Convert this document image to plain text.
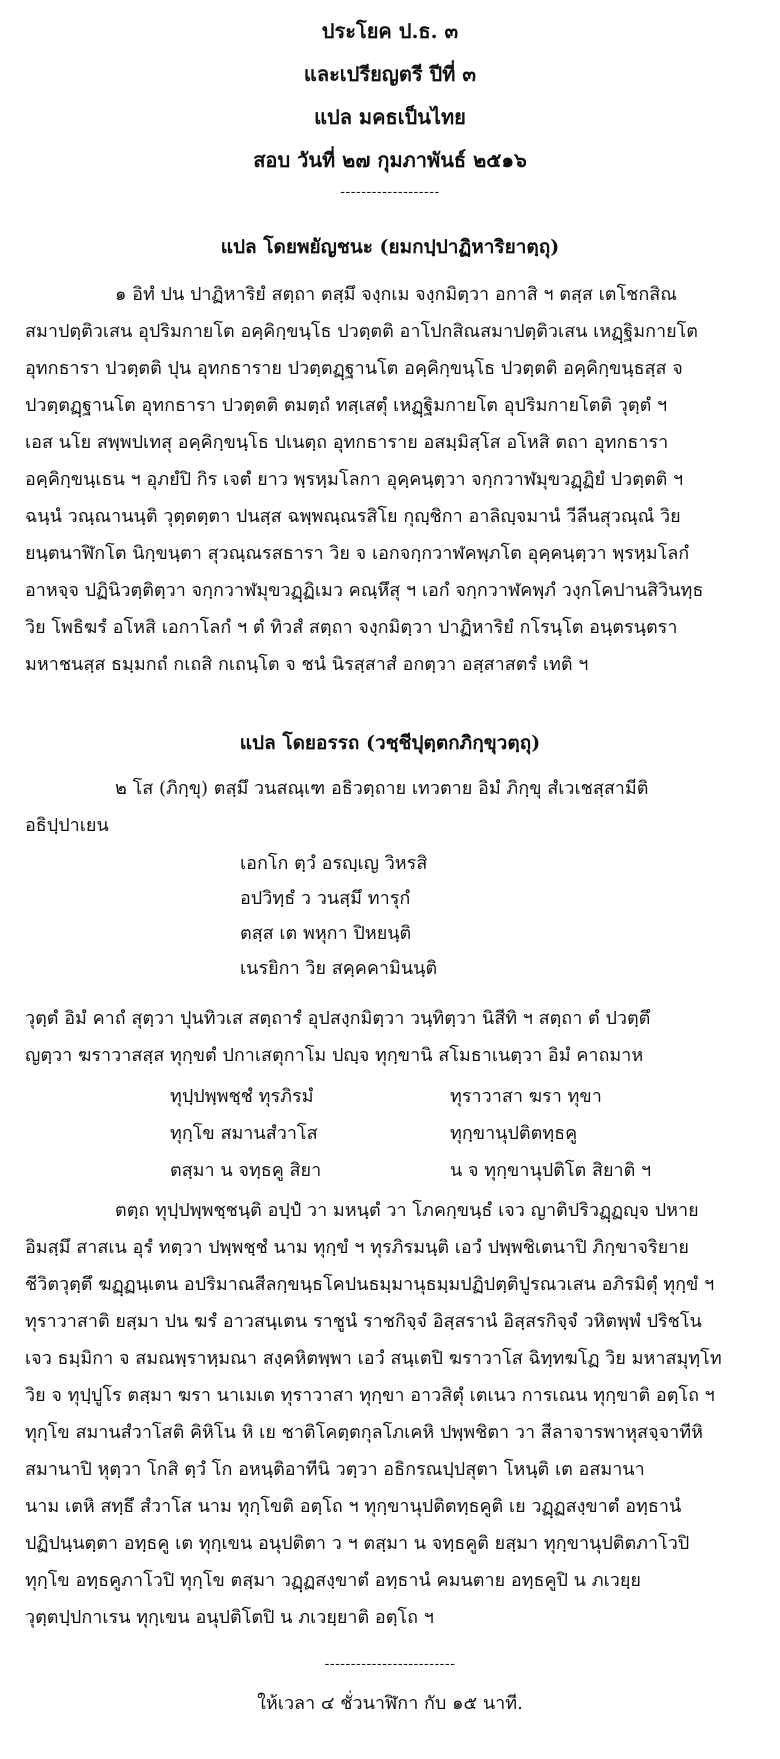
ประโยค ป.ธ. ๓
และเปรียญตรี ปีที่ ๓
แปล มคธเป็นไทย
สอบ วันที่ ๒๗ กุมภาพันธ์ ๒๕๑๖
-------------------
แปล โดยพยัญชนะ (ยมกปฺปาฏิหาริยาตฺถุ)
๑ อิทํ ปน ปาฏิหาริยํ สตฺถา ตสฺมึ จงฺกเม จงฺกมิตฺวา อกาสิ ฯ ตสฺส เตโชกสิณ
สมาปตฺติวเสน อุปริมกายโต อคฺคิกฺขนฺโธ ปวตฺตติ อาโปกสิณสมาปตฺติวเสน เหฏฺฐิมกายโต
อุทกธารา ปวตฺตติ ปุน อุทกธาราย ปวตฺตฏฺฐานโต อคฺคิกฺขนฺโธ ปวตฺตติ อคฺคิกฺขนฺธสฺส จ
ปวตฺตฏฺฐานโต อุทกธารา ปวตฺตติ ตมตฺถํ ทสฺเสตุํ เหฏฺฐิมกายโต อุปริมกายโตติ วุตฺตํ ฯ
เอส นโย สพฺพปเทสุ อคฺคิกฺขนฺโธ ปเนตฺถ อุทกธาราย อสมฺมิสฺโส อโหสิ ตถา อุทกธารา
อคฺคิกฺขนฺเธน ฯ อุภยํปิ กิร เจตํ ยาว พฺรหฺมโลกา อุคฺคนฺตฺวา จกฺกวาฬมุขวฏฺฏิยํ ปวตฺตติ ฯ
ฉนฺนํ วณฺณานนฺติ วุตฺตตฺตา ปนสฺส ฉพฺพณฺณรสิโย กุญฺชิกา อาลิญฺจมานํ วีลีนสุวณฺณํ วิย
ยนฺตนาฬิกโต นิกฺขนฺตา สุวณฺณรสธารา วิย จ เอกจกฺกวาฬคพฺภโต อุคฺคนฺตฺวา พฺรหฺมโลกํ
อาหจฺจ ปฏินิวตฺติตฺวา จกฺกวาฬมุขวฏฺฏิเมว คณฺหึสุ ฯ เอกํ จกฺกวาฬคพฺภํ วงฺกโคปานสิวินทฺธ
วิย โพธิฆรํ อโหสิ เอกาโลกํ ฯ ตํ ทิวสํ สตฺถา จงฺกมิตฺวา ปาฏิหาริยํ กโรนฺโต อนฺตรนฺตรา
มหาชนสฺส ธมฺมกถํ กเถสิ กเถนฺโต จ ชนํ นิรสฺสาสํ อกตฺวา อสฺสาสตรํ เทติ ฯ
แปล โดยอรรถ (วชฺชีปุตฺตกภิกฺขุวตฺถุ)
๒ โส (ภิกฺขุ) ตสฺมึ วนสณฺเฑ อธิวตฺถาย เทวตาย อิมํ ภิกฺขุ สํเวเชสฺสามีติ
อธิปฺปาเยน
เอกโก ตฺวํ อรญฺเญ วิหรสิ
อปวิทฺธํ ว วนสฺมึ ทารุกํ
ตสฺส เต พหุกา ปิหยนฺติ
เนรยิกา วิย สคฺคคามินนฺติ
วุตฺตํ อิมํ คาถํ สุตฺวา ปุนทิวเส สตฺถารํ อุปสงฺกมิตฺวา วนฺทิตฺวา นิสีทิ ฯ สตฺถา ตํ ปวตฺตึ
ญตฺวา ฆราวาสสฺส ทุกฺขตํ ปกาเสตุกาโม ปญฺจ ทุกฺขานิ สโมธาเนตฺวา อิมํ คาถมาห
ทุปฺปพฺพชฺชํ ทุรภิรมํ	ทุราวาสา ฆรา ทุขา
ทุกฺโข สมานสํวาโส	ทุกฺขานุปติตทฺธคู
ตสฺมา น จทฺธคู สิยา	น จ ทุกฺขานุปติโต สิยาติ ฯ
ตตฺถ ทุปฺปพฺพชฺชนฺติ อปฺปํ วา มหนฺตํ วา โภคกฺขนฺธํ เจว ญาติปริวฏฺฏญฺจ ปหาย
อิมสฺมึ สาสเน อุรํ ทตฺวา ปพฺพชฺชํ นาม ทุกฺขํ ฯ ทุรภิรมนฺติ เอวํ ปพฺพชิเตนาปิ ภิกฺขาจริยาย
ชีวิตวุตฺตึ ฆฏฺฏนฺเตน อปริมาณสีลกฺขนฺธโคปนธมฺมานุธมฺมปฏิปตฺติปูรณวเสน อภิรมิตุํ ทุกฺขํ ฯ
ทุราวาสาติ ยสฺมา ปน ฆรํ อาวสนฺเตน ราชูนํ ราชกิจฺจํ อิสฺสรานํ อิสฺสรกิจฺจํ วหิตพฺพํ ปริชโน
เจว ธมฺมิกา จ สมณพฺราหฺมณา สงฺคหิตพฺพา เอวํ สนฺเตปิ ฆราวาโส ฉิทฺทฆโฏ วิย มหาสมุทฺโท
วิย จ ทุปฺปูโร ตสฺมา ฆรา นาเมเต ทุราวาสา ทุกฺขา อาวสิตุํ เตเนว การเณน ทุกฺขาติ อตฺโถ ฯ
ทุกฺโข สมานสํวาโสติ คิหิโน หิ เย ชาติโคตฺตกุลโภเคหิ ปพฺพชิตา วา สีลาจารพาหุสจฺจาทีหิ
สมานาปิ หุตฺวา โกสิ ตฺวํ โก อหนฺติอาทีนิ วตฺวา อธิกรณปฺปสุตา โหนฺติ เต อสมานา
นาม เตหิ สทฺธึ สํวาโส นาม ทุกฺโขติ อตฺโถ ฯ ทุกฺขานุปติตทฺธคูติ เย วฏฺฏสงฺขาตํ อทฺธานํ
ปฏิปนฺนตฺตา อทฺธคู เต ทุกฺเขน อนุปติตา ว ฯ ตสฺมา น จทฺธคูติ ยสฺมา ทุกฺขานุปติตภาโวปิ
ทุกฺโข อทฺธคูภาโวปิ ทุกฺโข ตสฺมา วฏฺฏสงฺขาตํ อทฺธานํ คมนตาย อทฺธคูปิ น ภเวยฺย
วุตฺตปฺปกาเรน ทุกฺเขน อนุปติโตปิ น ภเวยฺยาติ อตฺโถ ฯ
-------------------------
ให้เวลา ๔ ชั่วนาฬิกา กับ ๑๕ นาที.
